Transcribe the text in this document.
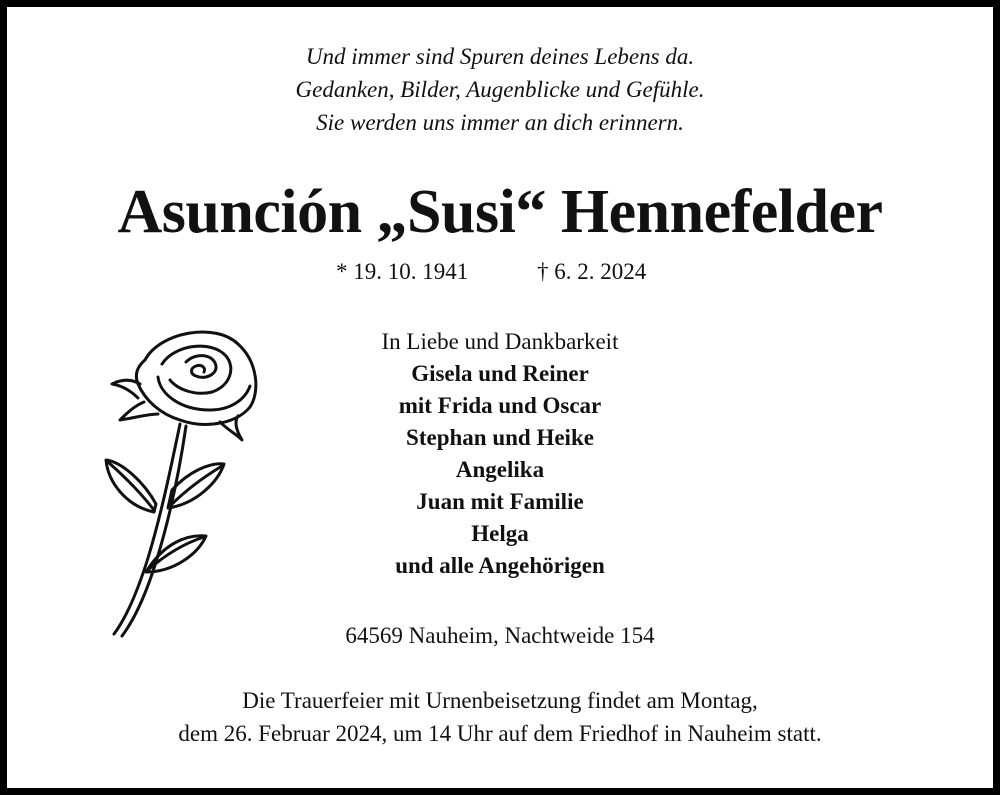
Und immer sind Spuren deines Lebens da.
Gedanken, Bilder, Augenblicke und Gefühle.
Sie werden uns immer an dich erinnern.
Asunción „Susi“ Hennefelder
* 19. 10. 1941	† 6. 2. 2024
In Liebe und Dankbarkeit
Gisela und Reiner
mit Frida und Oscar
Stephan und Heike
Angelika
Juan mit Familie
Helga
und alle Angehörigen
64569 Nauheim, Nachtweide 154
Die Trauerfeier mit Urnenbeisetzung findet am Montag,
dem 26. Februar 2024, um 14 Uhr auf dem Friedhof in Nauheim statt.
